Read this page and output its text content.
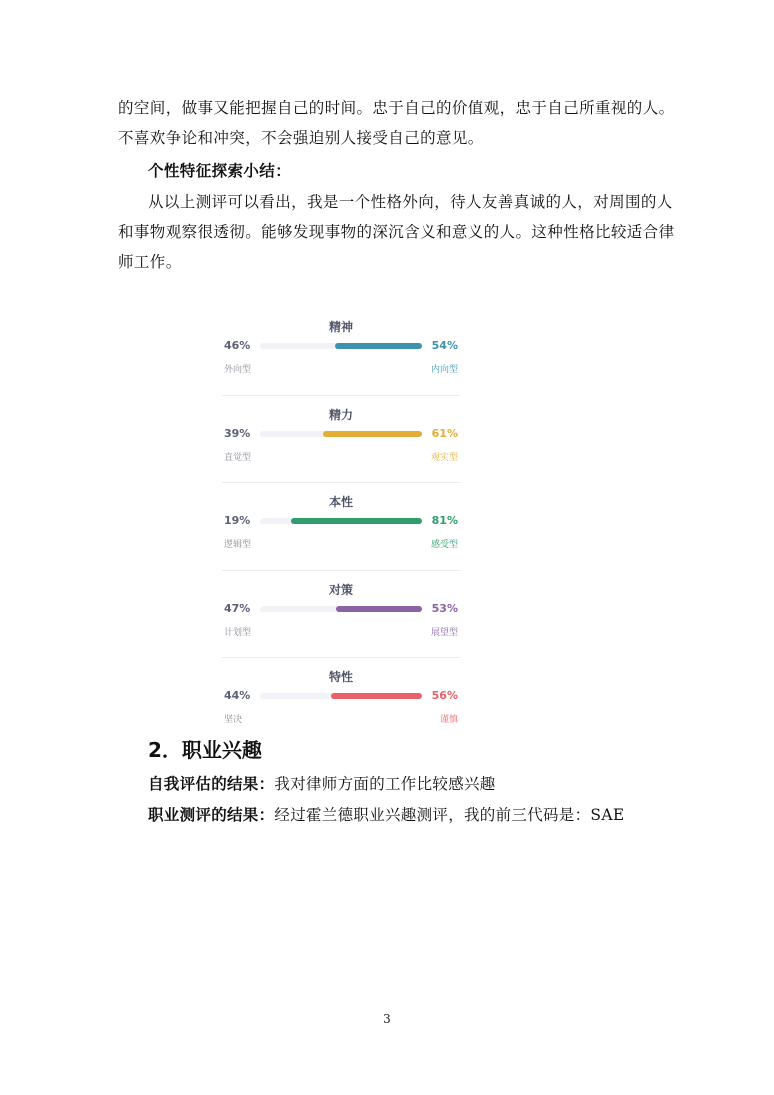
的空间，做事又能把握自己的时间。忠于自己的价值观，忠于自己所重视的人。

不喜欢争论和冲突，不会强迫别人接受自己的意见。

个性特征探索小结：

从以上测评可以看出，我是一个性格外向，待人友善真诚的人，对周围的人

和事物观察很透彻。能够发现事物的深沉含义和意义的人。这种性格比较适合律

师工作。

精神
46%	54%
外向型	内向型
精力
39%	61%
直觉型	观实型
本性
19%	81%
逻辑型	感受型
对策
47%	53%
计划型	展望型
特性
44%	56%
坚决	谨慎
2．职业兴趣

自我评估的结果：我对律师方面的工作比较感兴趣

职业测评的结果：经过霍兰德职业兴趣测评，我的前三代码是：SAE

3
